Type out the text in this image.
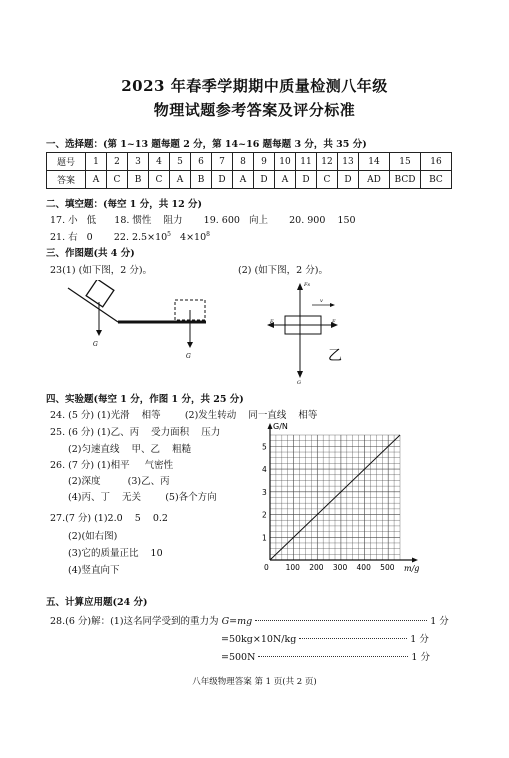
2023 年春季学期期中质量检测八年级
物理试题参考答案及评分标准
一、选择题：(第 1~13 题每题 2 分，第 14~16 题每题 3 分，共 35 分)
题号	1	2	3	4	5	6	7	8	9	10	11	12	13	14	15	16
答案	A	C	B	C	A	B	D	A	D	A	D	C	D	AD	BCD	BC
二、填空题：(每空 1 分，共 12 分)
17. 小   低      18. 惯性    阻力       19. 600   向上       20. 900    150
21. 右   0       22. $2.5\times 10^5$   $4\times 10^8$
三、作图题(共 4 分)
23(1) (如下图，2 分)。	(2) (如下图，2 分)。
G
G
Fs
G
v
F	F
乙
四、实验题(每空 1 分，作图 1 分，共 25 分)
24. (5 分) (1)光滑    相等        (2)发生转动    同一直线    相等
25. (6 分) (1)乙、丙    受力面积    压力
(2)匀速直线    甲、乙    粗糙
26. (7 分) (1)相平     气密性
(2)深度         (3)乙、丙
(4)丙、丁    无关        (5)各个方向
27.(7 分) (1)2.0    5    0.2
(2)(如右图)
(3)它的质量正比    10
(4)竖直向下	0 100 200 300 400 500
1
2
3
4
5
G/N
m/g
五、计算应用题(24 分)
28.(6 分)解：(1)这名同学受到的重力为 G=mg	1 分
=50kg×10N/kg	1 分
=500N	1 分
八年级物理答案 第 1 页(共 2 页)
